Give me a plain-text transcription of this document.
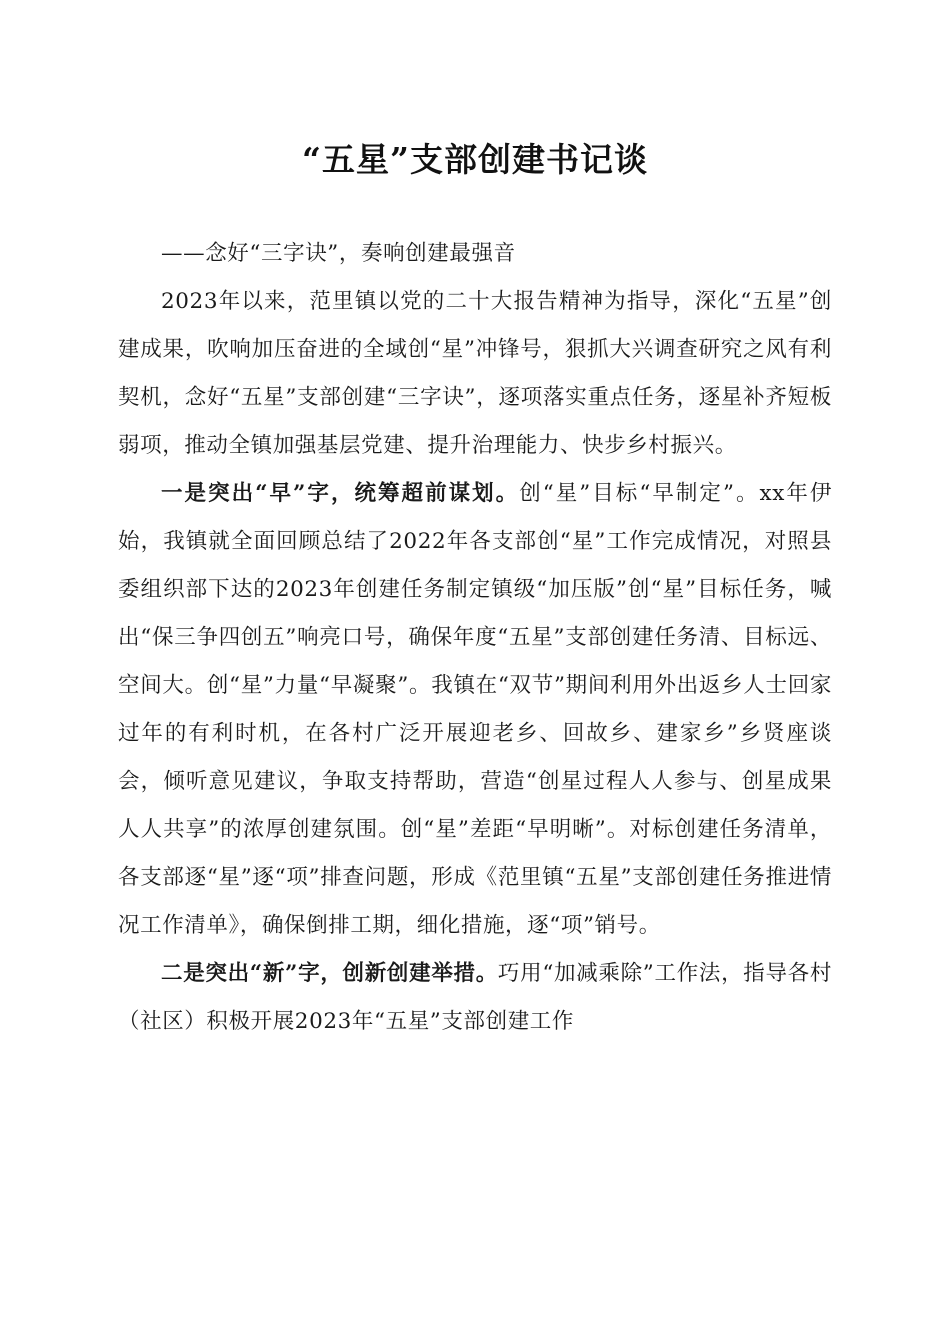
“五星”支部创建书记谈

——念好“三字诀”，奏响创建最强音

2023年以来，范里镇以党的二十大报告精神为指导，深化“五星”创建成果，吹响加压奋进的全域创“星”冲锋号，狠抓大兴调查研究之风有利契机，念好“五星”支部创建“三字诀”，逐项落实重点任务，逐星补齐短板弱项，推动全镇加强基层党建、提升治理能力、快步乡村振兴。

一是突出“早”字，统筹超前谋划。创“星”目标“早制定”。xx年伊始，我镇就全面回顾总结了2022年各支部创“星”工作完成情况，对照县委组织部下达的2023年创建任务制定镇级“加压版”创“星”目标任务，喊出“保三争四创五”响亮口号，确保年度“五星”支部创建任务清、目标远、空间大。创“星”力量“早凝聚”。我镇在“双节”期间利用外出返乡人士回家过年的有利时机，在各村广泛开展迎老乡、回故乡、建家乡”乡贤座谈会，倾听意见建议，争取支持帮助，营造“创星过程人人参与、创星成果人人共享”的浓厚创建氛围。创“星”差距“早明晰”。对标创建任务清单，各支部逐“星”逐“项”排查问题，形成《范里镇“五星”支部创建任务推进情况工作清单》，确保倒排工期，细化措施，逐“项”销号。

二是突出“新”字，创新创建举措。巧用“加减乘除”工作法，指导各村（社区）积极开展2023年“五星”支部创建工作
